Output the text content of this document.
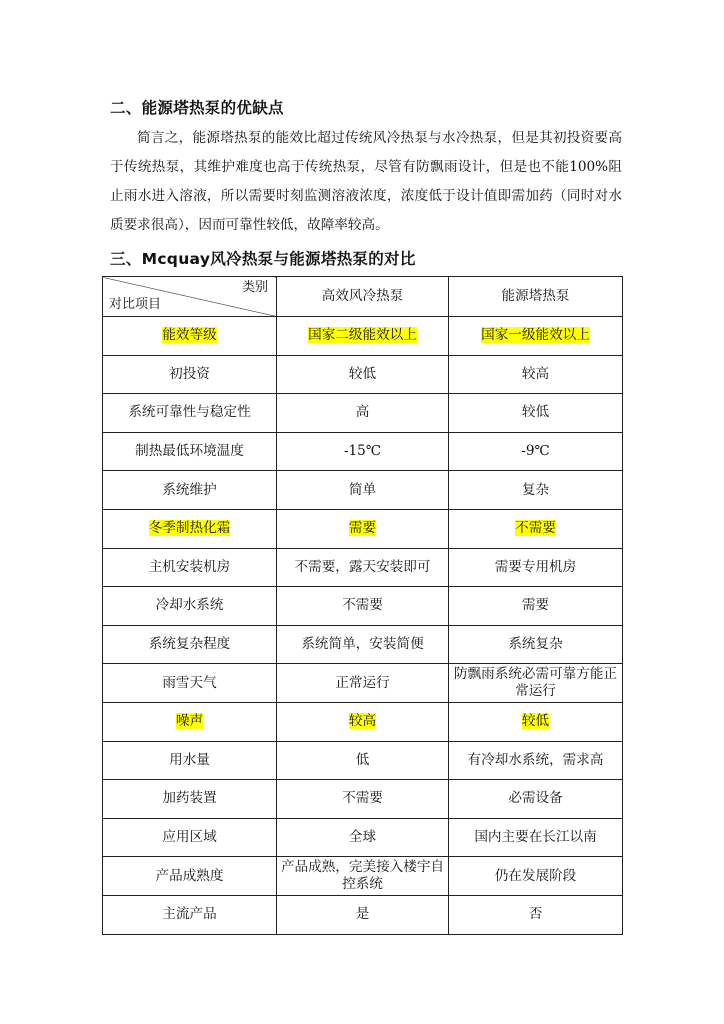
二、能源塔热泵的优缺点

简言之，能源塔热泵的能效比超过传统风冷热泵与水冷热泵，但是其初投资要高于传统热泵，其维护难度也高于传统热泵，尽管有防飘雨设计，但是也不能100%阻止雨水进入溶液，所以需要时刻监测溶液浓度，浓度低于设计值即需加药（同时对水质要求很高），因而可靠性较低，故障率较高。

三、Mcquay风冷热泵与能源塔热泵的对比
类别
对比项目	高效风冷热泵	能源塔热泵
能效等级	国家二级能效以上	国家一级能效以上
初投资	较低	较高
系统可靠性与稳定性	高	较低
制热最低环境温度	-15℃	-9℃
系统维护	简单	复杂
冬季制热化霜	需要	不需要
主机安装机房	不需要，露天安装即可	需要专用机房
冷却水系统	不需要	需要
系统复杂程度	系统简单，安装简便	系统复杂
雨雪天气	正常运行	防飘雨系统必需可靠方能正常运行
噪声	较高	较低
用水量	低	有冷却水系统，需求高
加药装置	不需要	必需设备
应用区域	全球	国内主要在长江以南
产品成熟度	产品成熟，完美接入楼宇自控系统	仍在发展阶段
主流产品	是	否
